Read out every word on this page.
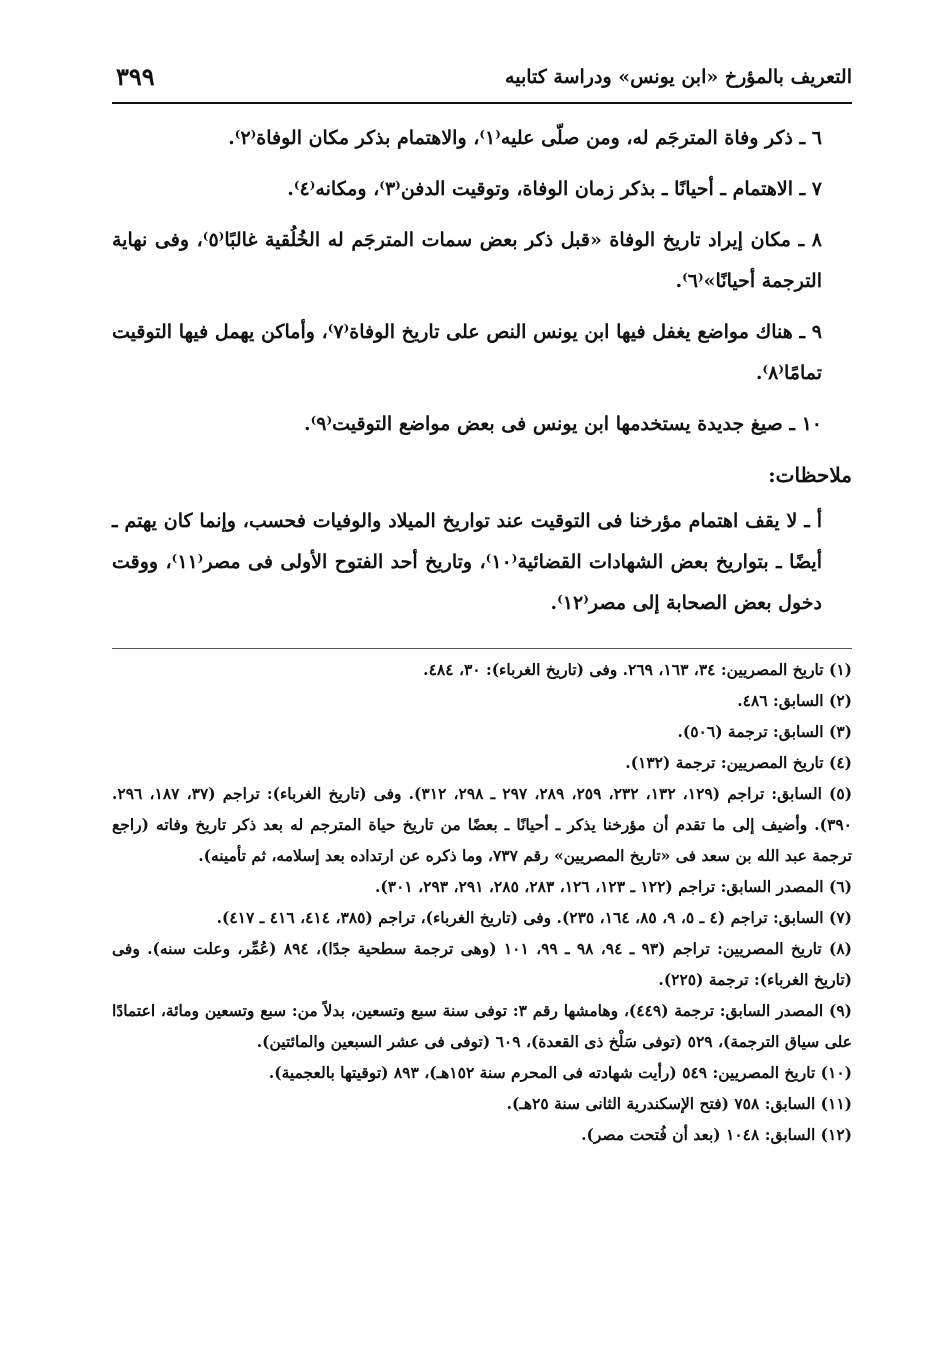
التعريف بالمؤرخ «ابن يونس» ودراسة كتابيه
٣٩٩

٦ ـ ذكر وفاة المترجَم له، ومن صلّى عليه⁽١⁾، والاهتمام بذكر مكان الوفاة⁽٢⁾.

٧ ـ الاهتمام ـ أحيانًا ـ بذكر زمان الوفاة، وتوقيت الدفن⁽٣⁾، ومكانه⁽٤⁾.

٨ ـ مكان إيراد تاريخ الوفاة «قبل ذكر بعض سمات المترجَم له الخُلُقية غالبًا⁽٥⁾، وفى نهاية الترجمة أحيانًا»⁽٦⁾.

٩ ـ هناك مواضع يغفل فيها ابن يونس النص على تاريخ الوفاة⁽٧⁾، وأماكن يهمل فيها التوقيت تمامًا⁽٨⁾.

١٠ ـ صيغ جديدة يستخدمها ابن يونس فى بعض مواضع التوقيت⁽٩⁾.

ملاحظات:

أ ـ لا يقف اهتمام مؤرخنا فى التوقيت عند تواريخ الميلاد والوفيات فحسب، وإنما كان يهتم ـ أيضًا ـ بتواريخ بعض الشهادات القضائية⁽١٠⁾، وتاريخ أحد الفتوح الأولى فى مصر⁽١١⁾، ووقت دخول بعض الصحابة إلى مصر⁽١٢⁾.

(١) تاريخ المصريين: ٣٤، ١٦٣، ٢٦٩. وفى (تاريخ الغرباء): ٣٠، ٤٨٤.

(٢) السابق: ٤٨٦.

(٣) السابق: ترجمة (٥٠٦).

(٤) تاريخ المصريين: ترجمة (١٣٢).

(٥) السابق: تراجم (١٢٩، ١٣٢، ٢٣٢، ٢٥٩، ٢٨٩، ٢٩٧ ـ ٢٩٨، ٣١٢). وفى (تاريخ الغرباء): تراجم (٣٧، ١٨٧، ٢٩٦. ٣٩٠). وأضيف إلى ما تقدم أن مؤرخنا يذكر ـ أحيانًا ـ بعضًا من تاريخ حياة المترجم له بعد ذكر تاريخ وفاته (راجع ترجمة عبد الله بن سعد فى «تاريخ المصريين» رقم ٧٣٧، وما ذكره عن ارتداده بعد إسلامه، ثم تأمينه).

(٦) المصدر السابق: تراجم (١٢٢ ـ ١٢٣، ١٢٦، ٢٨٣، ٢٨٥، ٢٩١، ٢٩٣، ٣٠١).

(٧) السابق: تراجم (٤ ـ ٥، ٩، ٨٥، ١٦٤، ٢٣٥). وفى (تاريخ الغرباء)، تراجم (٣٨٥، ٤١٤، ٤١٦ ـ ٤١٧).

(٨) تاريخ المصريين: تراجم (٩٣ ـ ٩٤، ٩٨ ـ ٩٩، ١٠١ (وهى ترجمة سطحية جدًا)، ٨٩٤ (عُمِّر، وعلت سنه). وفى (تاريخ الغرباء): ترجمة (٢٢٥).

(٩) المصدر السابق: ترجمة (٤٤٩)، وهامشها رقم ٣: توفى سنة سبع وتسعين، بدلاً من: سبع وتسعين ومائة، اعتمادًا على سياق الترجمة)، ٥٢٩ (توفى سَلْخ ذى القعدة)، ٦٠٩ (توفى فى عشر السبعين والمائتين).

(١٠) تاريخ المصريين: ٥٤٩ (رأيت شهادته فى المحرم سنة ١٥٢هـ)، ٨٩٣ (توقيتها بالعجمية).

(١١) السابق: ٧٥٨ (فتح الإسكندرية الثانى سنة ٢٥هـ).

(١٢) السابق: ١٠٤٨ (بعد أن فُتحت مصر).
